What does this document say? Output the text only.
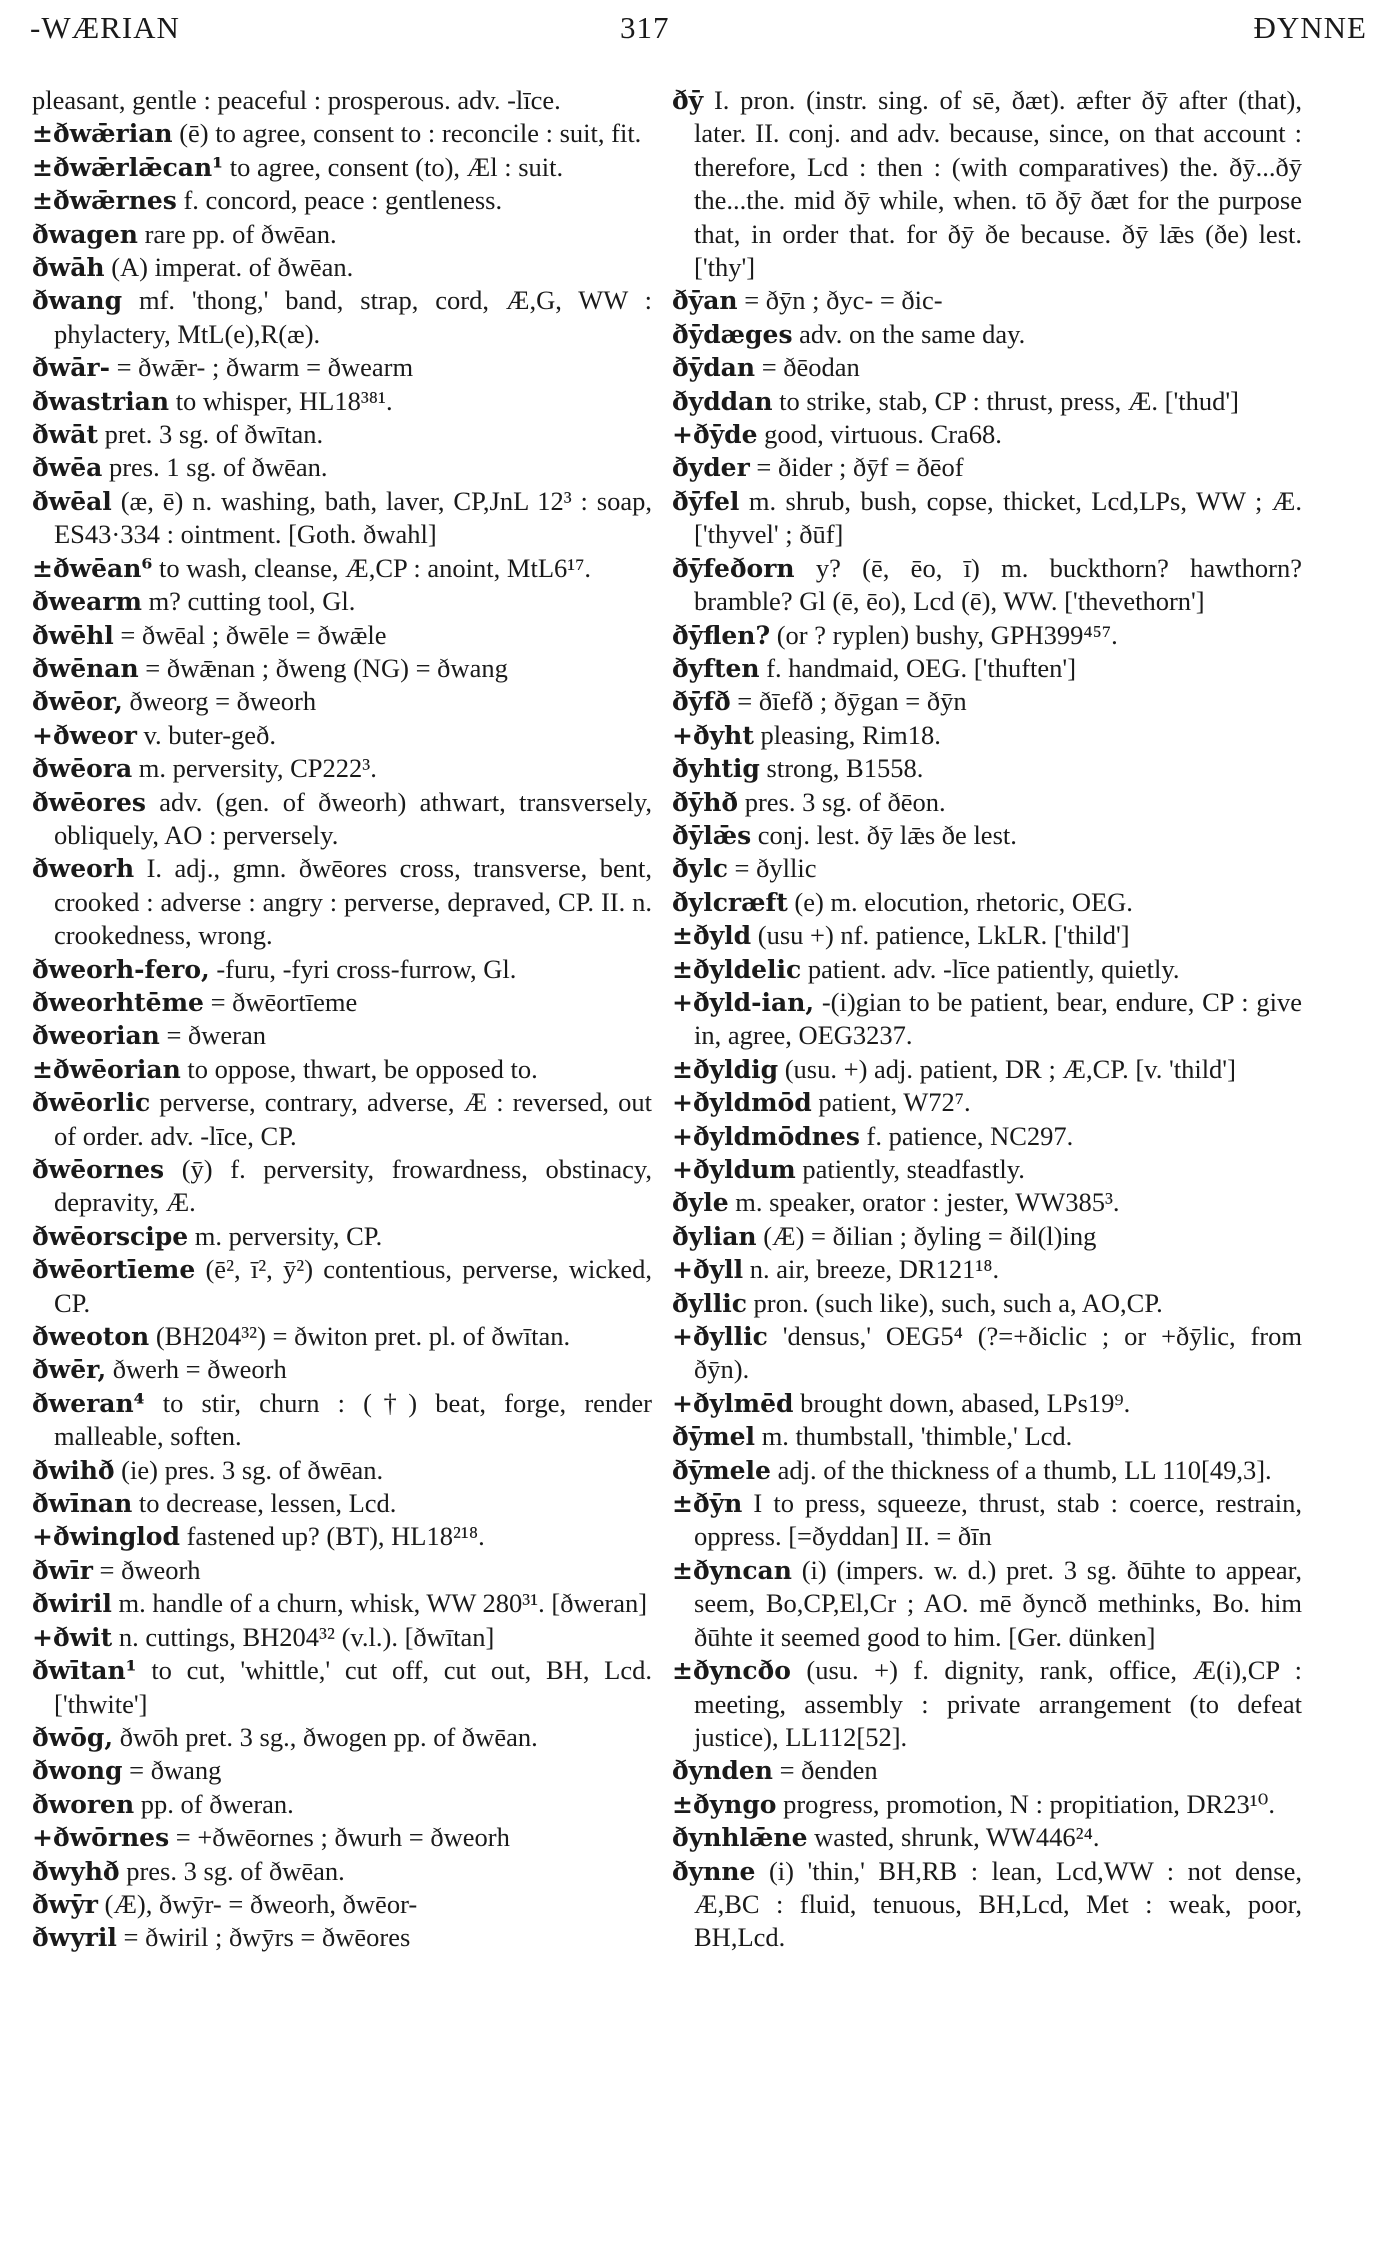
-WÆRIAN	317	ÐYNNE

pleasant, gentle : peaceful : prosperous. adv. -līce.

±ðwǣrian (ē) to agree, consent to : reconcile : suit, fit.

±ðwǣrlǣcan¹ to agree, consent (to), Æl : suit.

±ðwǣrnes f. concord, peace : gentleness.

ðwagen rare pp. of ðwēan.

ðwāh (A) imperat. of ðwēan.

ðwang mf. 'thong,' band, strap, cord, Æ,G, WW : phylactery, MtL(e),R(æ).

ðwār- = ðwǣr- ; ðwarm = ðwearm

ðwastrian to whisper, HL18³⁸¹.

ðwāt pret. 3 sg. of ðwītan.

ðwēa pres. 1 sg. of ðwēan.

ðwēal (æ, ē) n. washing, bath, laver, CP,JnL 12³ : soap, ES43·334 : ointment. [Goth. ðwahl]

±ðwēan⁶ to wash, cleanse, Æ,CP : anoint, MtL6¹⁷.

ðwearm m? cutting tool, Gl.

ðwēhl = ðwēal ; ðwēle = ðwǣle

ðwēnan = ðwǣnan ; ðweng (NG) = ðwang

ðwēor, ðweorg = ðweorh

+ðweor v. buter-geð.

ðwēora m. perversity, CP222³.

ðwēores adv. (gen. of ðweorh) athwart, transversely, obliquely, AO : perversely.

ðweorh I. adj., gmn. ðwēores cross, transverse, bent, crooked : adverse : angry : perverse, depraved, CP. II. n. crookedness, wrong.

ðweorh-fero, -furu, -fyri cross-furrow, Gl.

ðweorhtēme = ðwēortīeme

ðweorian = ðweran

±ðwēorian to oppose, thwart, be opposed to.

ðwēorlic perverse, contrary, adverse, Æ : reversed, out of order. adv. -līce, CP.

ðwēornes (ȳ) f. perversity, frowardness, obstinacy, depravity, Æ.

ðwēorscipe m. perversity, CP.

ðwēortīeme (ē², ī², ȳ²) contentious, perverse, wicked, CP.

ðweoton (BH204³²) = ðwiton pret. pl. of ðwītan.

ðwēr, ðwerh = ðweorh

ðweran⁴ to stir, churn : (†) beat, forge, render malleable, soften.

ðwihð (ie) pres. 3 sg. of ðwēan.

ðwīnan to decrease, lessen, Lcd.

+ðwinglod fastened up? (BT), HL18²¹⁸.

ðwīr = ðweorh

ðwiril m. handle of a churn, whisk, WW 280³¹. [ðweran]

+ðwit n. cuttings, BH204³² (v.l.). [ðwītan]

ðwītan¹ to cut, 'whittle,' cut off, cut out, BH, Lcd. ['thwite']

ðwōg, ðwōh pret. 3 sg., ðwogen pp. of ðwēan.

ðwong = ðwang

ðworen pp. of ðweran.

+ðwōrnes = +ðwēornes ; ðwurh = ðweorh

ðwyhð pres. 3 sg. of ðwēan.

ðwȳr (Æ), ðwȳr- = ðweorh, ðwēor-

ðwyril = ðwiril ; ðwȳrs = ðwēores

ðȳ I. pron. (instr. sing. of sē, ðæt). æfter ðȳ after (that), later. II. conj. and adv. because, since, on that account : therefore, Lcd : then : (with comparatives) the. ðȳ...ðȳ the...the. mid ðȳ while, when. tō ðȳ ðæt for the purpose that, in order that. for ðȳ ðe because. ðȳ lǣs (ðe) lest. ['thy']

ðȳan = ðȳn ; ðyc- = ðic-

ðȳdæges adv. on the same day.

ðȳdan = ðēodan

ðyddan to strike, stab, CP : thrust, press, Æ. ['thud']

+ðȳde good, virtuous. Cra68.

ðyder = ðider ; ðȳf = ðēof

ðȳfel m. shrub, bush, copse, thicket, Lcd,LPs, WW ; Æ. ['thyvel' ; ðūf]

ðȳfeðorn y? (ē, ēo, ī) m. buckthorn? hawthorn? bramble? Gl (ē, ēo), Lcd (ē), WW. ['thevethorn']

ðȳflen? (or ? ryplen) bushy, GPH399⁴⁵⁷.

ðyften f. handmaid, OEG. ['thuften']

ðȳfð = ðīefð ; ðȳgan = ðȳn

+ðyht pleasing, Rim18.

ðyhtig strong, B1558.

ðȳhð pres. 3 sg. of ðēon.

ðȳlǣs conj. lest. ðȳ lǣs ðe lest.

ðylc = ðyllic

ðylcræft (e) m. elocution, rhetoric, OEG.

±ðyld (usu +) nf. patience, LkLR. ['thild']

±ðyldelic patient. adv. -līce patiently, quietly.

+ðyld-ian, -(i)gian to be patient, bear, endure, CP : give in, agree, OEG3237.

±ðyldig (usu. +) adj. patient, DR ; Æ,CP. [v. 'thild']

+ðyldmōd patient, W72⁷.

+ðyldmōdnes f. patience, NC297.

+ðyldum patiently, steadfastly.

ðyle m. speaker, orator : jester, WW385³.

ðylian (Æ) = ðilian ; ðyling = ðil(l)ing

+ðyll n. air, breeze, DR121¹⁸.

ðyllic pron. (such like), such, such a, AO,CP.

+ðyllic 'densus,' OEG5⁴ (?=+ðiclic ; or +ðȳlic, from ðȳn).

+ðylmēd brought down, abased, LPs19⁹.

ðȳmel m. thumbstall, 'thimble,' Lcd.

ðȳmele adj. of the thickness of a thumb, LL 110[49,3].

±ðȳn I to press, squeeze, thrust, stab : coerce, restrain, oppress. [=ðyddan] II. = ðīn

±ðyncan (i) (impers. w. d.) pret. 3 sg. ðūhte to appear, seem, Bo,CP,El,Cr ; AO. mē ðyncð methinks, Bo. him ðūhte it seemed good to him. [Ger. dünken]

±ðyncðo (usu. +) f. dignity, rank, office, Æ(i),CP : meeting, assembly : private arrangement (to defeat justice), LL112[52].

ðynden = ðenden

±ðyngo progress, promotion, N : propitiation, DR23¹⁰.

ðynhlǣne wasted, shrunk, WW446²⁴.

ðynne (i) 'thin,' BH,RB : lean, Lcd,WW : not dense, Æ,BC : fluid, tenuous, BH,Lcd, Met : weak, poor, BH,Lcd.
